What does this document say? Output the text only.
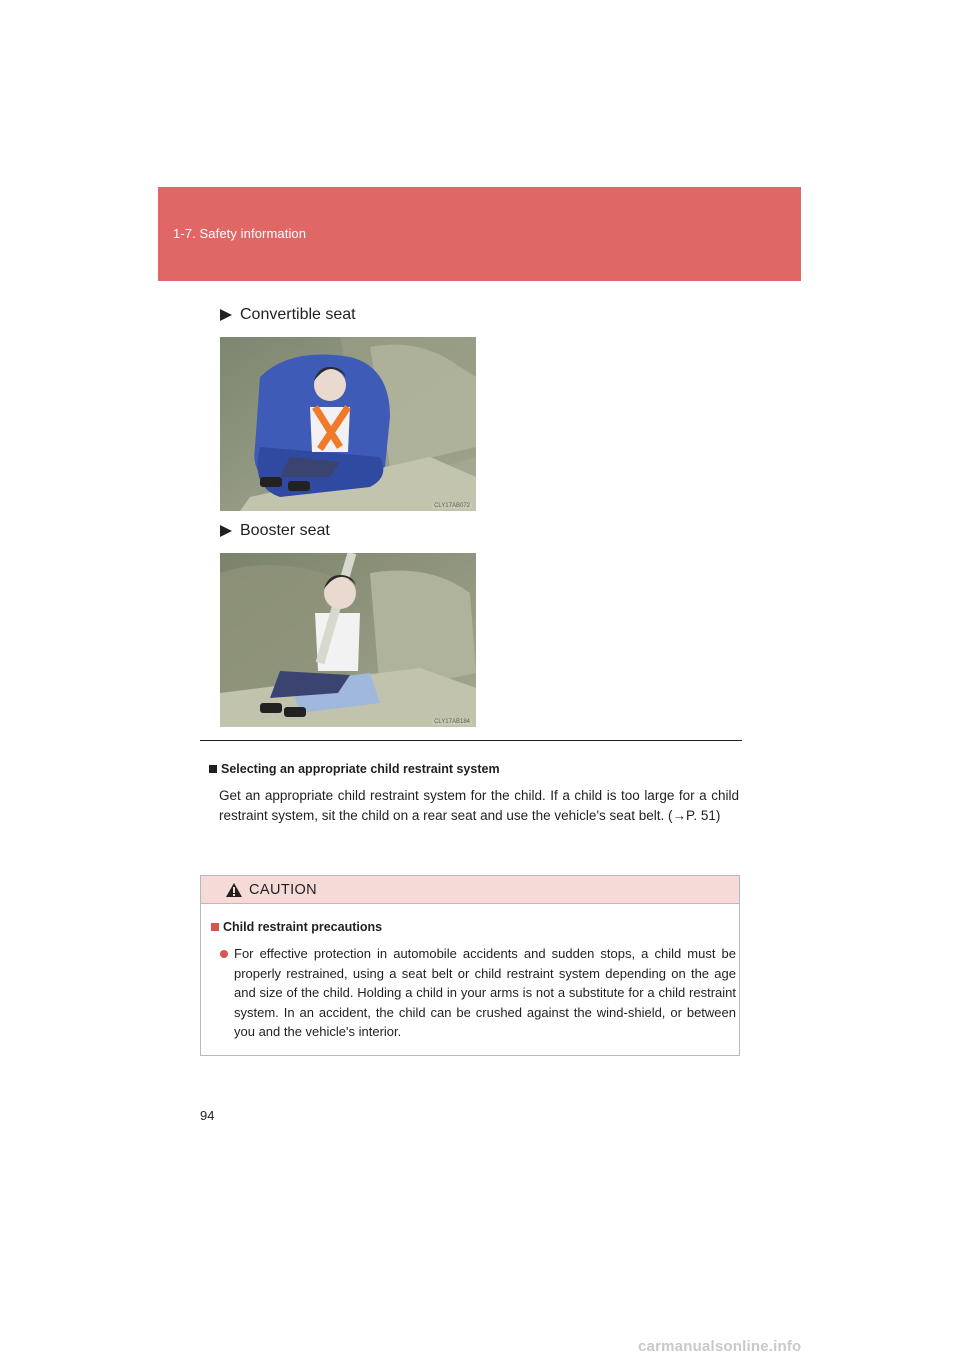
1-7. Safety information
Convertible seat
CLY17AB072
Booster seat
CLY17AB184
Selecting an appropriate child restraint system
Get an appropriate child restraint system for the child. If a child is too large for a child restraint system, sit the child on a rear seat and use the vehicle's seat belt. (→P. 51)
CAUTION
Child restraint precautions
For effective protection in automobile accidents and sudden stops, a child must be properly restrained, using a seat belt or child restraint system depending on the age and size of the child. Holding a child in your arms is not a substitute for a child restraint system. In an accident, the child can be crushed against the wind-shield, or between you and the vehicle's interior.
94
carmanualsonline.info
